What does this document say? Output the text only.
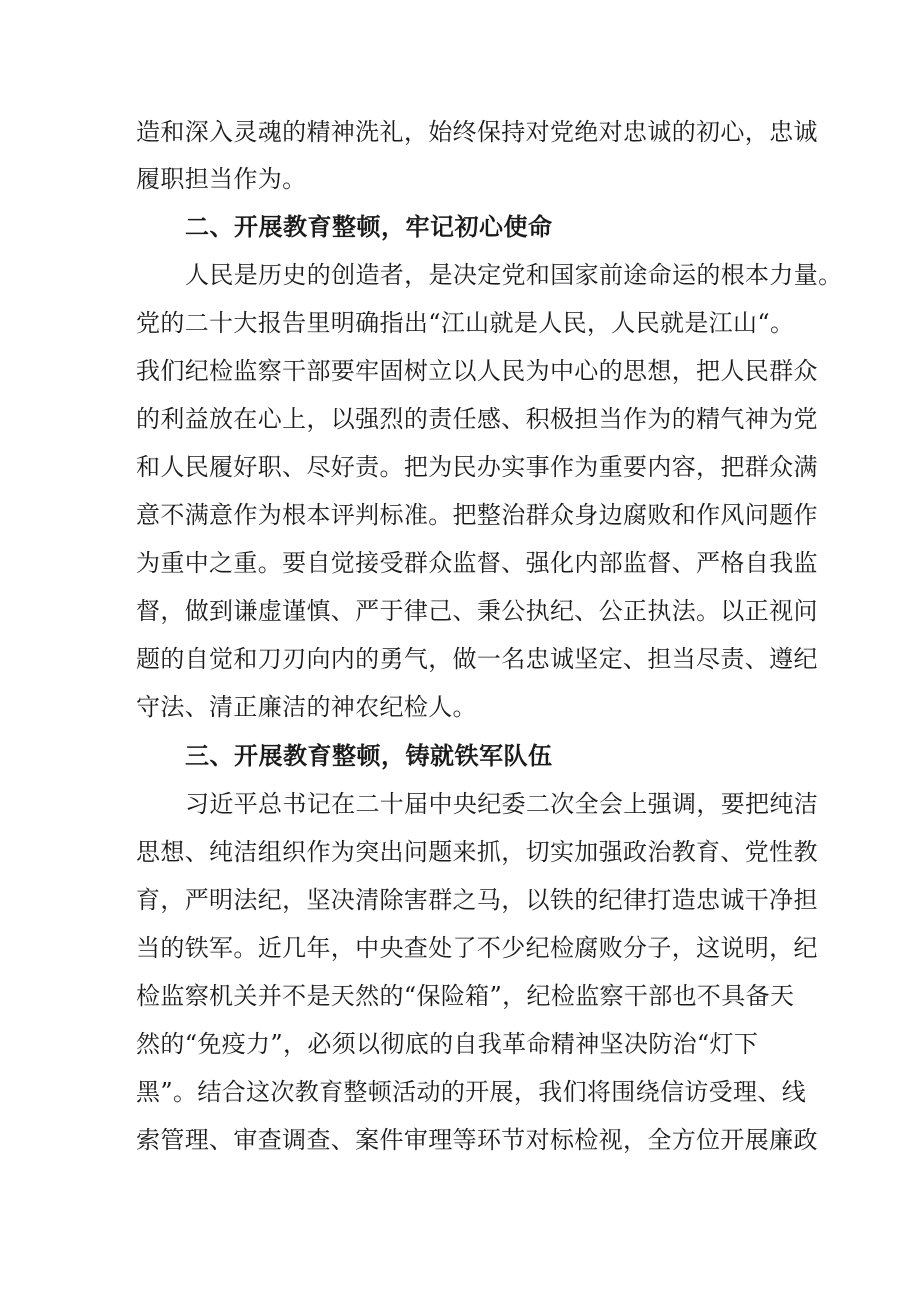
造和深入灵魂的精神洗礼，始终保持对党绝对忠诚的初心，忠诚
履职担当作为。
二、开展教育整顿，牢记初心使命
人民是历史的创造者，是决定党和国家前途命运的根本力量。
党的二十大报告里明确指出“江山就是人民，人民就是江山“。
我们纪检监察干部要牢固树立以人民为中心的思想，把人民群众
的利益放在心上，以强烈的责任感、积极担当作为的精气神为党
和人民履好职、尽好责。把为民办实事作为重要内容，把群众满
意不满意作为根本评判标准。把整治群众身边腐败和作风问题作
为重中之重。要自觉接受群众监督、强化内部监督、严格自我监
督，做到谦虚谨慎、严于律己、秉公执纪、公正执法。以正视问
题的自觉和刀刃向内的勇气，做一名忠诚坚定、担当尽责、遵纪
守法、清正廉洁的神农纪检人。
三、开展教育整顿，铸就铁军队伍
习近平总书记在二十届中央纪委二次全会上强调，要把纯洁
思想、纯洁组织作为突出问题来抓，切实加强政治教育、党性教
育，严明法纪，坚决清除害群之马，以铁的纪律打造忠诚干净担
当的铁军。近几年，中央查处了不少纪检腐败分子，这说明，纪
检监察机关并不是天然的“保险箱”，纪检监察干部也不具备天
然的“免疫力”，必须以彻底的自我革命精神坚决防治“灯下
黑”。结合这次教育整顿活动的开展，我们将围绕信访受理、线
索管理、审查调查、案件审理等环节对标检视，全方位开展廉政
